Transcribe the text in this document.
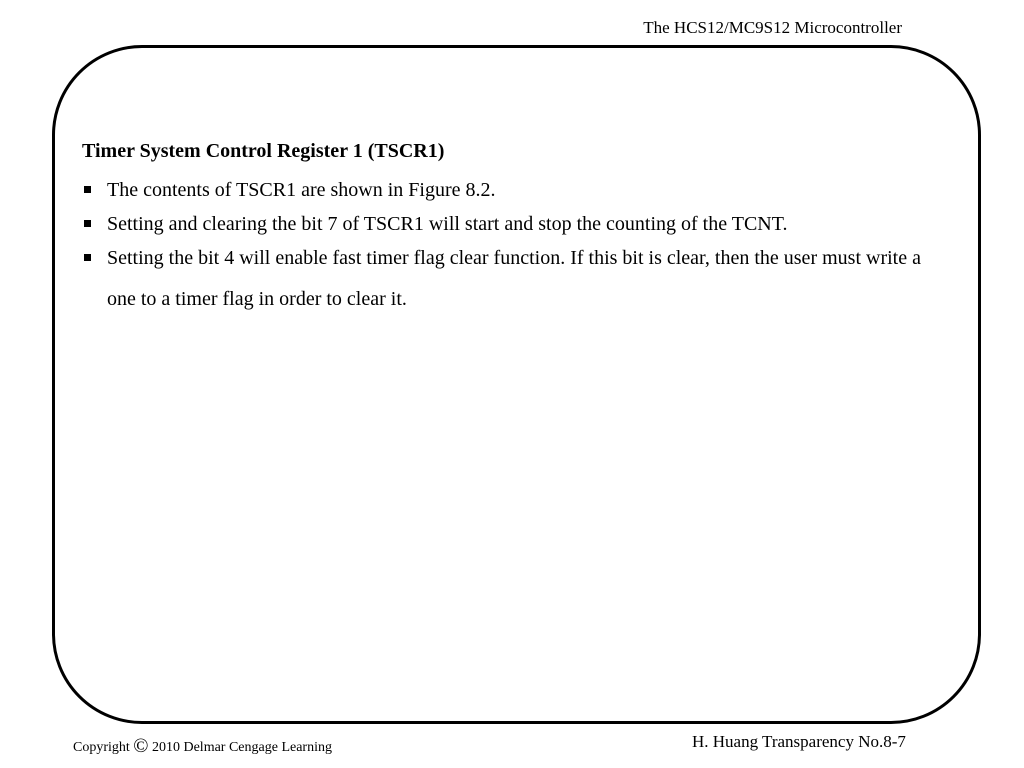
The HCS12/MC9S12 Microcontroller
Timer System Control Register 1 (TSCR1)
The contents of TSCR1 are shown in Figure 8.2.
Setting and clearing the bit 7 of TSCR1 will start and stop the counting of the TCNT.
Setting the bit 4 will enable fast timer flag clear function. If this bit is clear, then the user must write a one to a timer flag in order to clear it.
Copyright © 2010 Delmar Cengage Learning	H. Huang Transparency No.8-7
